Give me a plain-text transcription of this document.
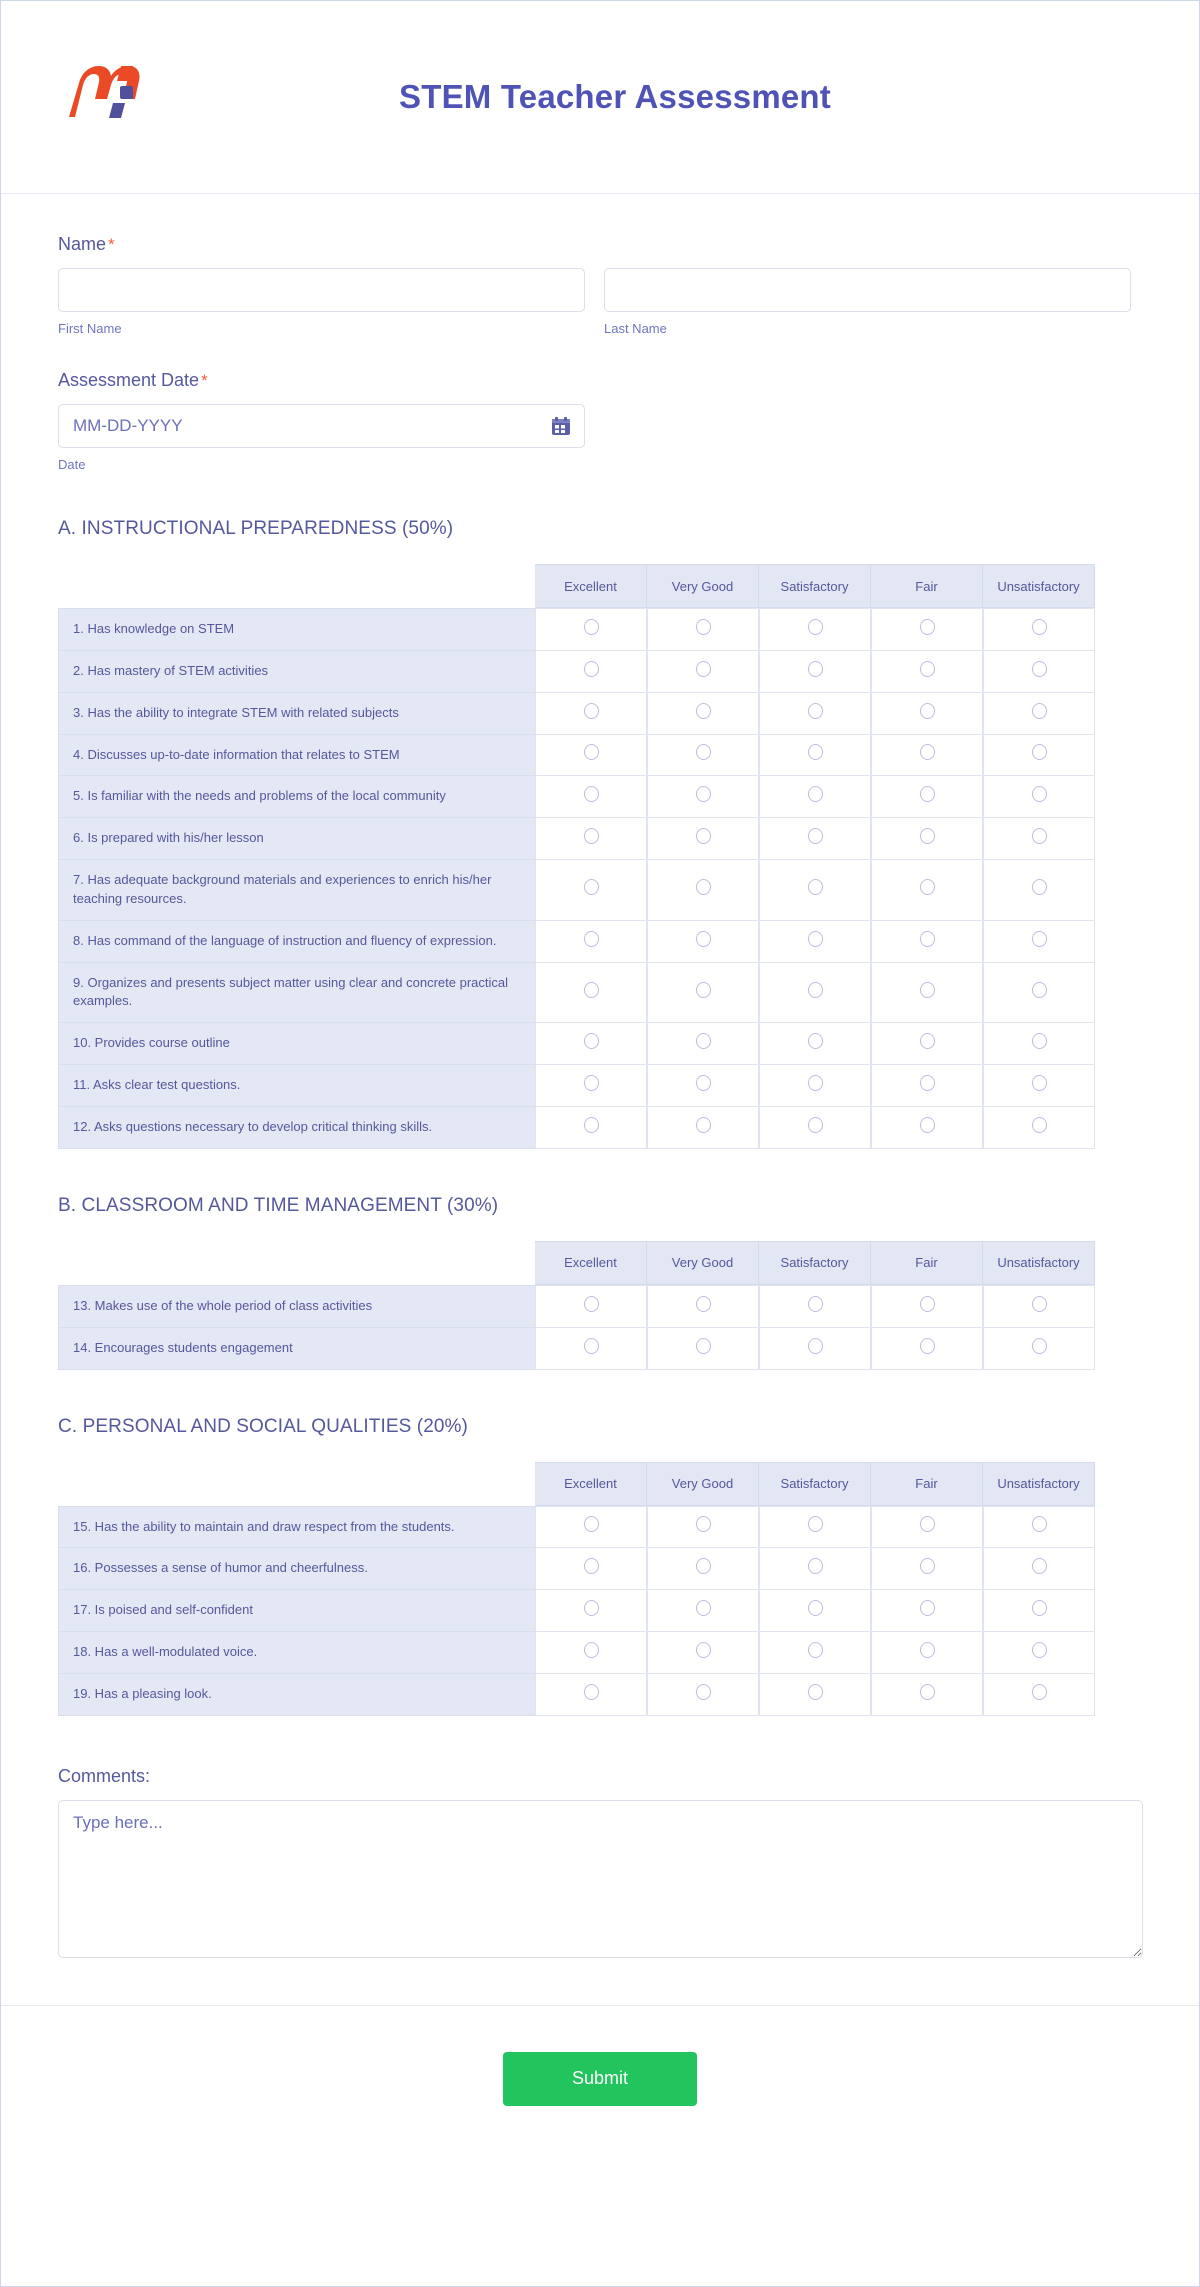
STEM Teacher Assessment
Name *
First Name	Last Name
Assessment Date *
MM-DD-YYYY
Date
A. INSTRUCTIONAL PREPAREDNESS (50%)
	Excellent	Very Good	Satisfactory	Fair	Unsatisfactory
1. Has knowledge on STEM					
2. Has mastery of STEM activities					
3. Has the ability to integrate STEM with related subjects					
4. Discusses up-to-date information that relates to STEM					
5. Is familiar with the needs and problems of the local community					
6. Is prepared with his/her lesson					
7. Has adequate background materials and experiences to enrich his/her teaching resources.					
8. Has command of the language of instruction and fluency of expression.					
9. Organizes and presents subject matter using clear and concrete practical examples.					
10. Provides course outline					
11. Asks clear test questions.					
12. Asks questions necessary to develop critical thinking skills.					
B. CLASSROOM AND TIME MANAGEMENT (30%)
	Excellent	Very Good	Satisfactory	Fair	Unsatisfactory
13. Makes use of the whole period of class activities					
14. Encourages students engagement					
C. PERSONAL AND SOCIAL QUALITIES (20%)
	Excellent	Very Good	Satisfactory	Fair	Unsatisfactory
15. Has the ability to maintain and draw respect from the students.					
16. Possesses a sense of humor and cheerfulness.					
17. Is poised and self-confident					
18. Has a well-modulated voice.					
19. Has a pleasing look.					
Comments:
Type here...
Submit
